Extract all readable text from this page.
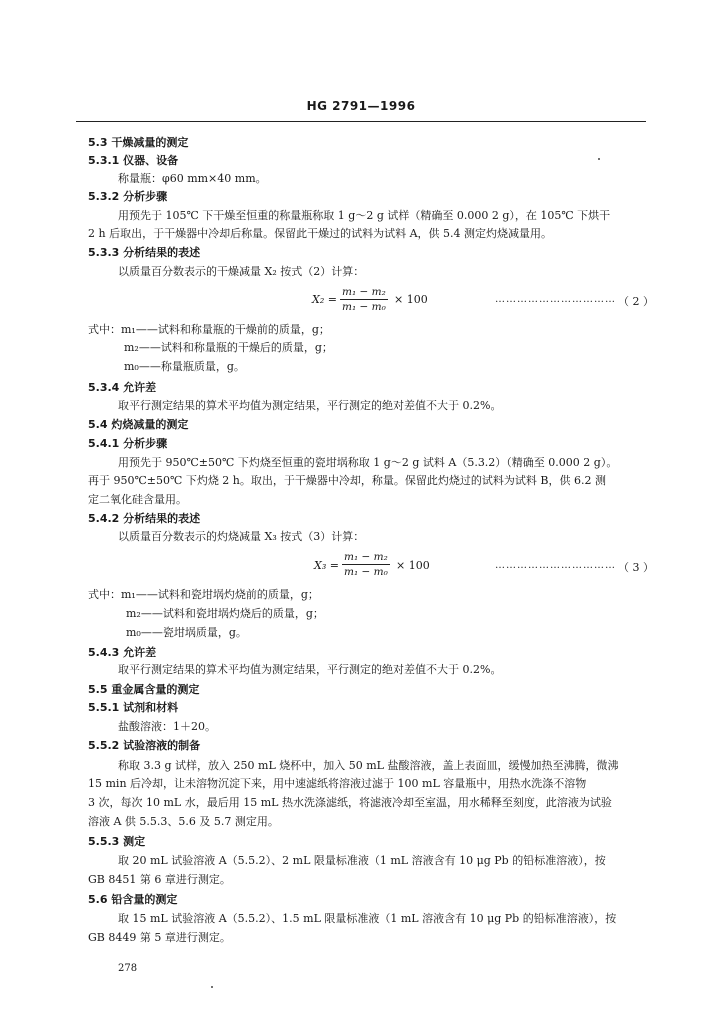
HG 2791—1996
5.3 干燥减量的测定
5.3.1 仪器、设备
称量瓶：φ60 mm×40 mm。
5.3.2 分析步骤
用预先于 105℃ 下干燥至恒重的称量瓶称取 1 g～2 g 试样（精确至 0.000 2 g），在 105℃ 下烘干
2 h 后取出，于干燥器中冷却后称量。保留此干燥过的试料为试料 A，供 5.4 测定灼烧减量用。
5.3.3 分析结果的表述
以质量百分数表示的干燥减量 X₂ 按式（2）计算：
式中：m₁——试料和称量瓶的干燥前的质量，g；
m₂——试料和称量瓶的干燥后的质量，g；
m₀——称量瓶质量，g。
5.3.4 允许差
取平行测定结果的算术平均值为测定结果，平行测定的绝对差值不大于 0.2%。
5.4 灼烧减量的测定
5.4.1 分析步骤
用预先于 950℃±50℃ 下灼烧至恒重的瓷坩埚称取 1 g～2 g 试料 A（5.3.2）（精确至 0.000 2 g）。
再于 950℃±50℃ 下灼烧 2 h。取出，于干燥器中冷却，称量。保留此灼烧过的试料为试料 B，供 6.2 测
定二氧化硅含量用。
5.4.2 分析结果的表述
以质量百分数表示的灼烧减量 X₃ 按式（3）计算：
式中：m₁——试料和瓷坩埚灼烧前的质量，g；
m₂——试料和瓷坩埚灼烧后的质量，g；
m₀——瓷坩埚质量，g。
5.4.3 允许差
取平行测定结果的算术平均值为测定结果，平行测定的绝对差值不大于 0.2%。
5.5 重金属含量的测定
5.5.1 试剂和材料
盐酸溶液：1＋20。
5.5.2 试验溶液的制备
称取 3.3 g 试样，放入 250 mL 烧杯中，加入 50 mL 盐酸溶液，盖上表面皿，缓慢加热至沸腾，微沸
15 min 后冷却，让未溶物沉淀下来，用中速滤纸将溶液过滤于 100 mL 容量瓶中，用热水洗涤不溶物
3 次，每次 10 mL 水，最后用 15 mL 热水洗涤滤纸，将滤液冷却至室温，用水稀释至刻度，此溶液为试验
溶液 A 供 5.5.3、5.6 及 5.7 测定用。
5.5.3 测定
取 20 mL 试验溶液 A（5.5.2）、2 mL 限量标准液（1 mL 溶液含有 10 μg Pb 的铅标准溶液），按
GB 8451 第 6 章进行测定。
5.6 铅含量的测定
取 15 mL 试验溶液 A（5.5.2）、1.5 mL 限量标准液（1 mL 溶液含有 10 μg Pb 的铅标准溶液），按
GB 8449 第 5 章进行测定。
$X_2 = \frac{\text{m₁ − m₂}}{\text{m₁ − m₀}} \times 100$	…………………………… （ 2 ）
$X_3 = \frac{\text{m₁ − m₂}}{\text{m₁ − m₀}} \times 100$	…………………………… （ 3 ）
278
